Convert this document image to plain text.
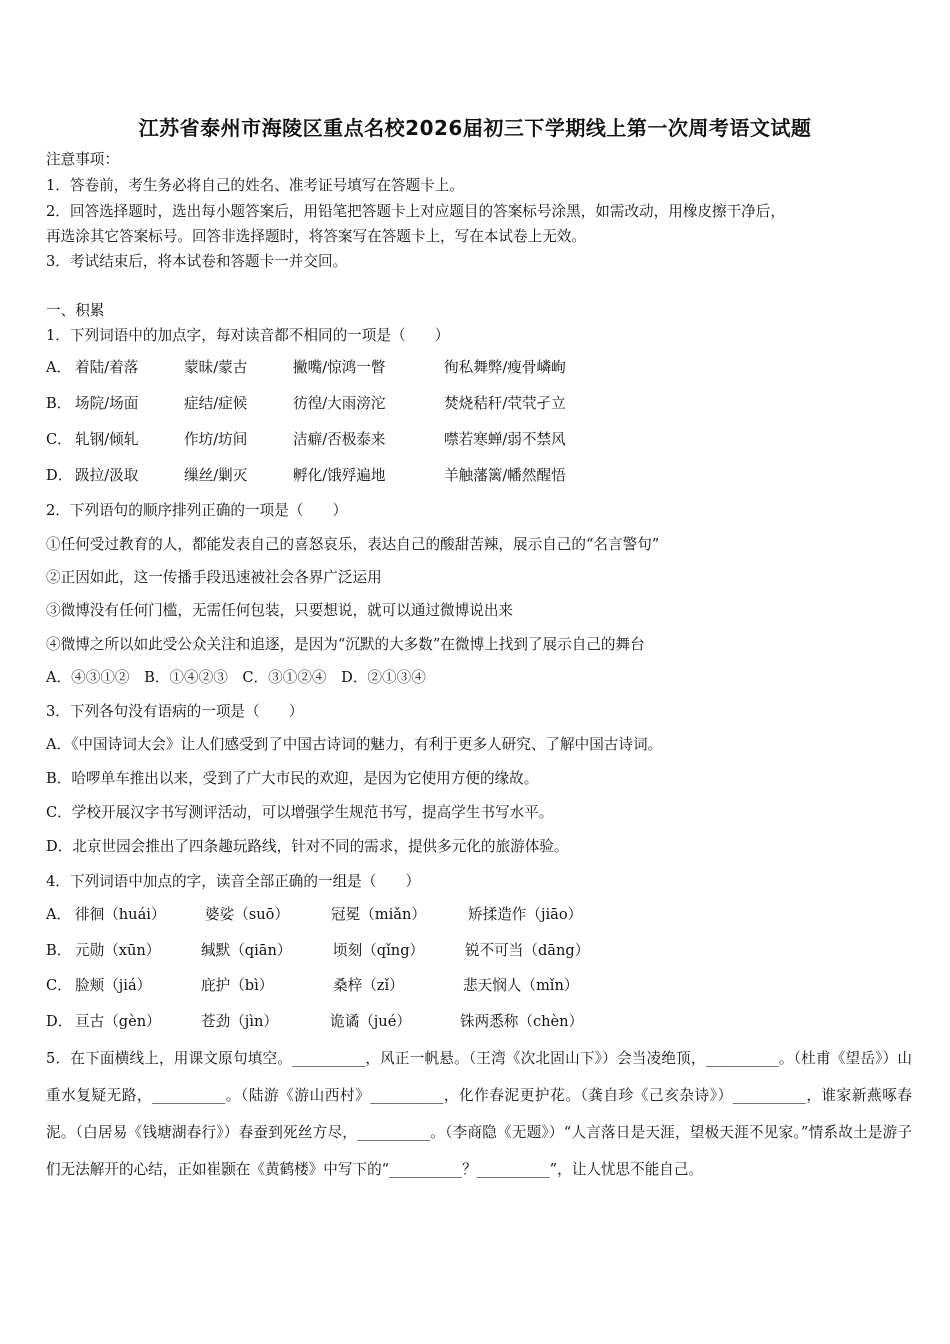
江苏省泰州市海陵区重点名校2026届初三下学期线上第一次周考语文试题
注意事项：
1．答卷前，考生务必将自己的姓名、准考证号填写在答题卡上。
2．回答选择题时，选出每小题答案后，用铅笔把答题卡上对应题目的答案标号涂黑，如需改动，用橡皮擦干净后，
再选涂其它答案标号。回答非选择题时，将答案写在答题卡上，写在本试卷上无效。
3．考试结束后，将本试卷和答题卡一并交回。
一、积累
1．下列词语中的加点字，每对读音都不相同的一项是（　　）
A． 着陆/着落	蒙昧/蒙古	撇嘴/惊鸿一瞥	徇私舞弊/瘦骨嶙峋
B． 场院/场面	症结/症候	彷徨/大雨滂沱	焚烧秸秆/茕茕孑立
C． 轧钢/倾轧	作坊/坊间	洁癖/否极泰来	噤若寒蝉/弱不禁风
D． 趿拉/汲取	缫丝/剿灭	孵化/饿殍遍地	羊触藩篱/幡然醒悟
2．下列语句的顺序排列正确的一项是（　　）
①任何受过教育的人，都能发表自己的喜怒哀乐，表达自己的酸甜苦辣，展示自己的“名言警句”
②正因如此，这一传播手段迅速被社会各界广泛运用
③微博没有任何门槛，无需任何包装，只要想说，就可以通过微博说出来
④微博之所以如此受公众关注和追逐，是因为“沉默的大多数”在微博上找到了展示自己的舞台
A．④③①②　B．①④②③　C．③①②④　D．②①③④
3．下列各句没有语病的一项是（　　）
A．《中国诗词大会》让人们感受到了中国古诗词的魅力，有利于更多人研究、了解中国古诗词。
B．哈啰单车推出以来，受到了广大市民的欢迎，是因为它使用方便的缘故。
C．学校开展汉字书写测评活动，可以增强学生规范书写，提高学生书写水平。
D．北京世园会推出了四条趣玩路线，针对不同的需求，提供多元化的旅游体验。
4．下列词语中加点的字，读音全部正确的一组是（　　）
A． 徘徊（huái）	婆娑（suō）	冠冕（miǎn）	矫揉造作（jiāo）
B． 元勋（xūn）	缄默（qiān）	顷刻（qǐng）	锐不可当（dāng）
C． 脸颊（jiá）	庇护（bì）	桑梓（zǐ）	悲天悯人（mǐn）
D． 亘古（gèn）	苍劲（jìn）	诡谲（jué）	铢两悉称（chèn）
5．在下面横线上，用课文原句填空。__________，风正一帆悬。（王湾《次北固山下》）会当凌绝顶，__________。（杜甫《望岳》）山重水复疑无路，__________。（陆游《游山西村》__________，化作春泥更护花。（龚自珍《己亥杂诗》）__________，谁家新燕啄春泥。（白居易《钱塘湖春行》）春蚕到死丝方尽，__________。（李商隐《无题》）“人言落日是天涯，望极天涯不见家。”情系故土是游子们无法解开的心结，正如崔颢在《黄鹤楼》中写下的“__________？__________”，让人忧思不能自己。
